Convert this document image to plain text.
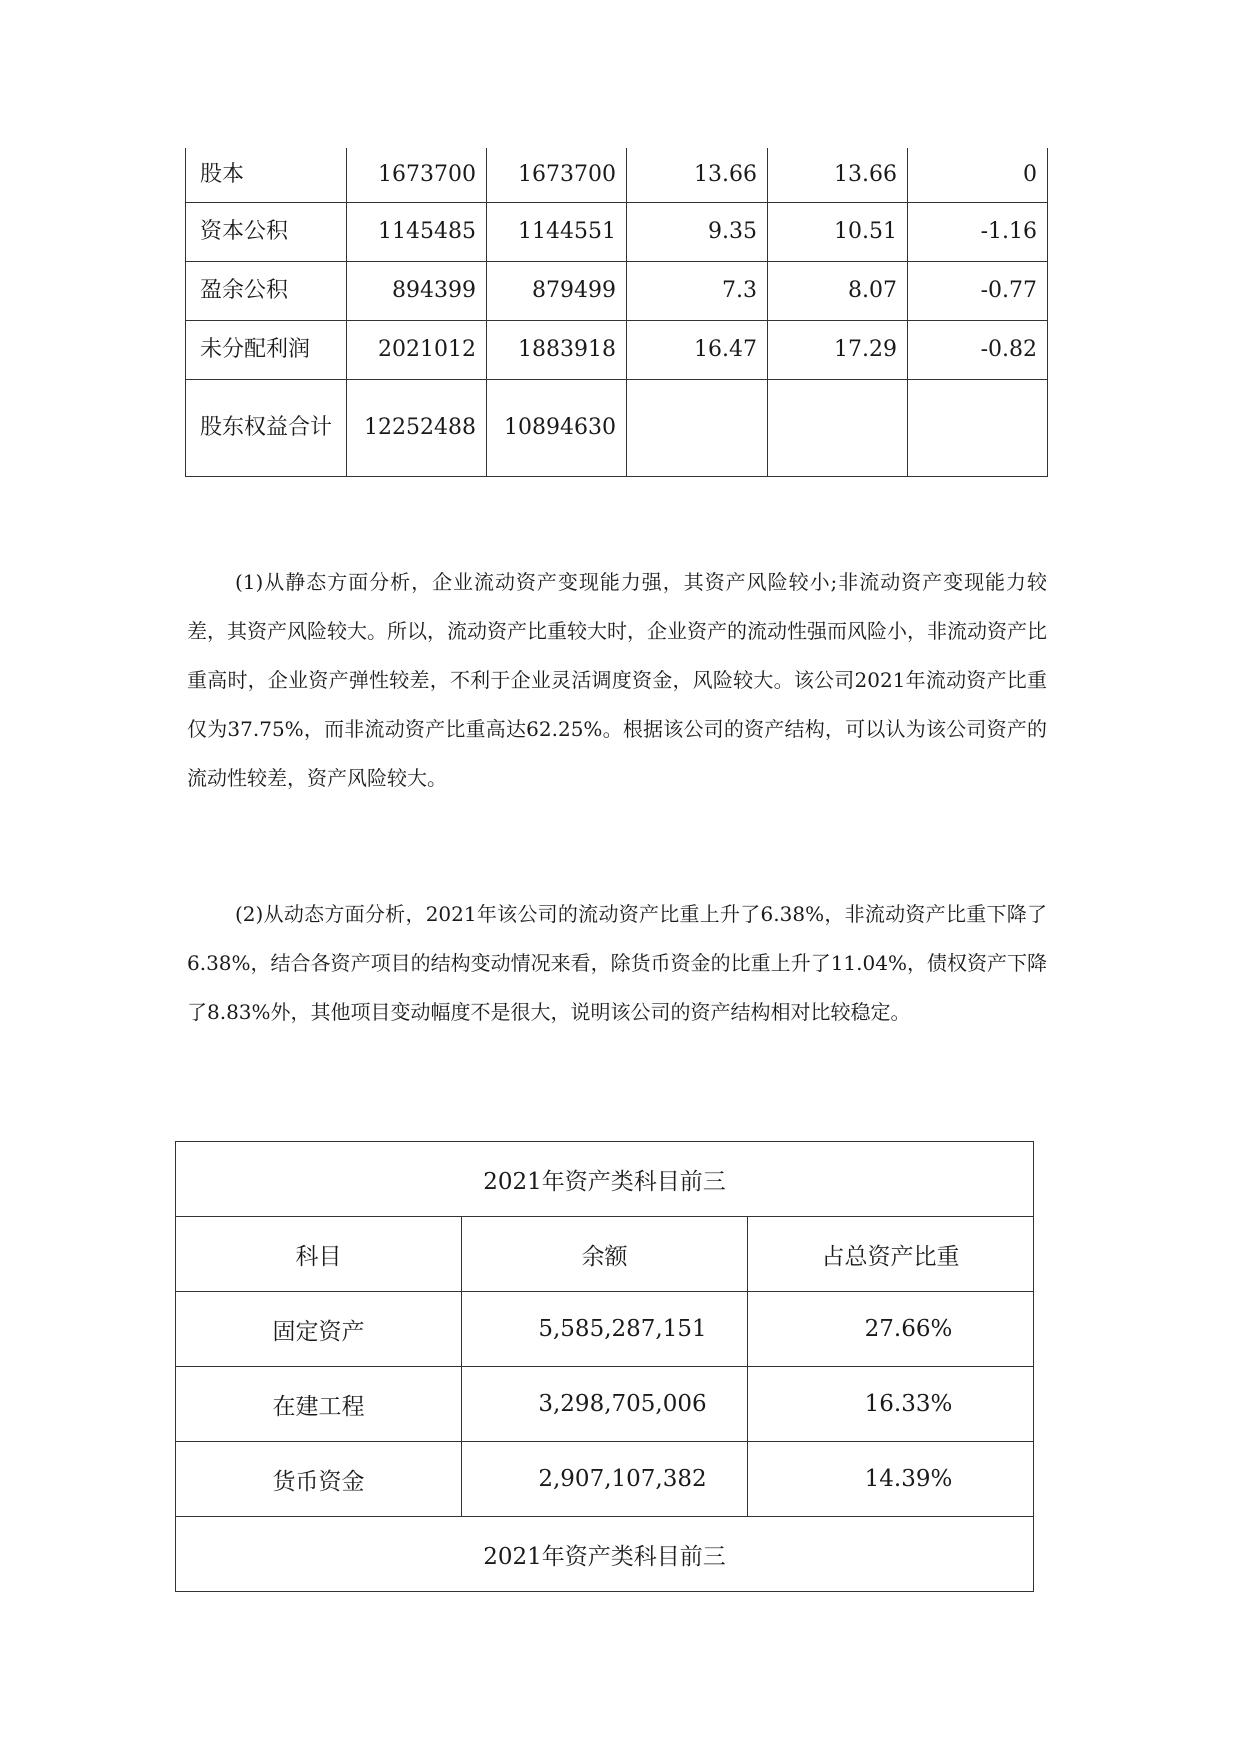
股本	1673700	1673700	13.66	13.66	0
资本公积	1145485	1144551	9.35	10.51	-1.16
盈余公积	894399	879499	7.3	8.07	-0.77
未分配利润	2021012	1883918	16.47	17.29	-0.82
股东权益合计	12252488	10894630			

(1)从静态方面分析，企业流动资产变现能力强，其资产风险较小;非流动资产变现能力较差，其资产风险较大。所以，流动资产比重较大时，企业资产的流动性强而风险小，非流动资产比重高时，企业资产弹性较差，不利于企业灵活调度资金，风险较大。该公司2021年流动资产比重仅为37.75%，而非流动资产比重高达62.25%。根据该公司的资产结构，可以认为该公司资产的流动性较差，资产风险较大。

(2)从动态方面分析，2021年该公司的流动资产比重上升了6.38%，非流动资产比重下降了6.38%，结合各资产项目的结构变动情况来看，除货币资金的比重上升了11.04%，债权资产下降了8.83%外，其他项目变动幅度不是很大，说明该公司的资产结构相对比较稳定。

2021年资产类科目前三		
科目	余额	占总资产比重
固定资产	5,585,287,151	27.66%
在建工程	3,298,705,006	16.33%
货币资金	2,907,107,382	14.39%
2021年资产类科目前三		
